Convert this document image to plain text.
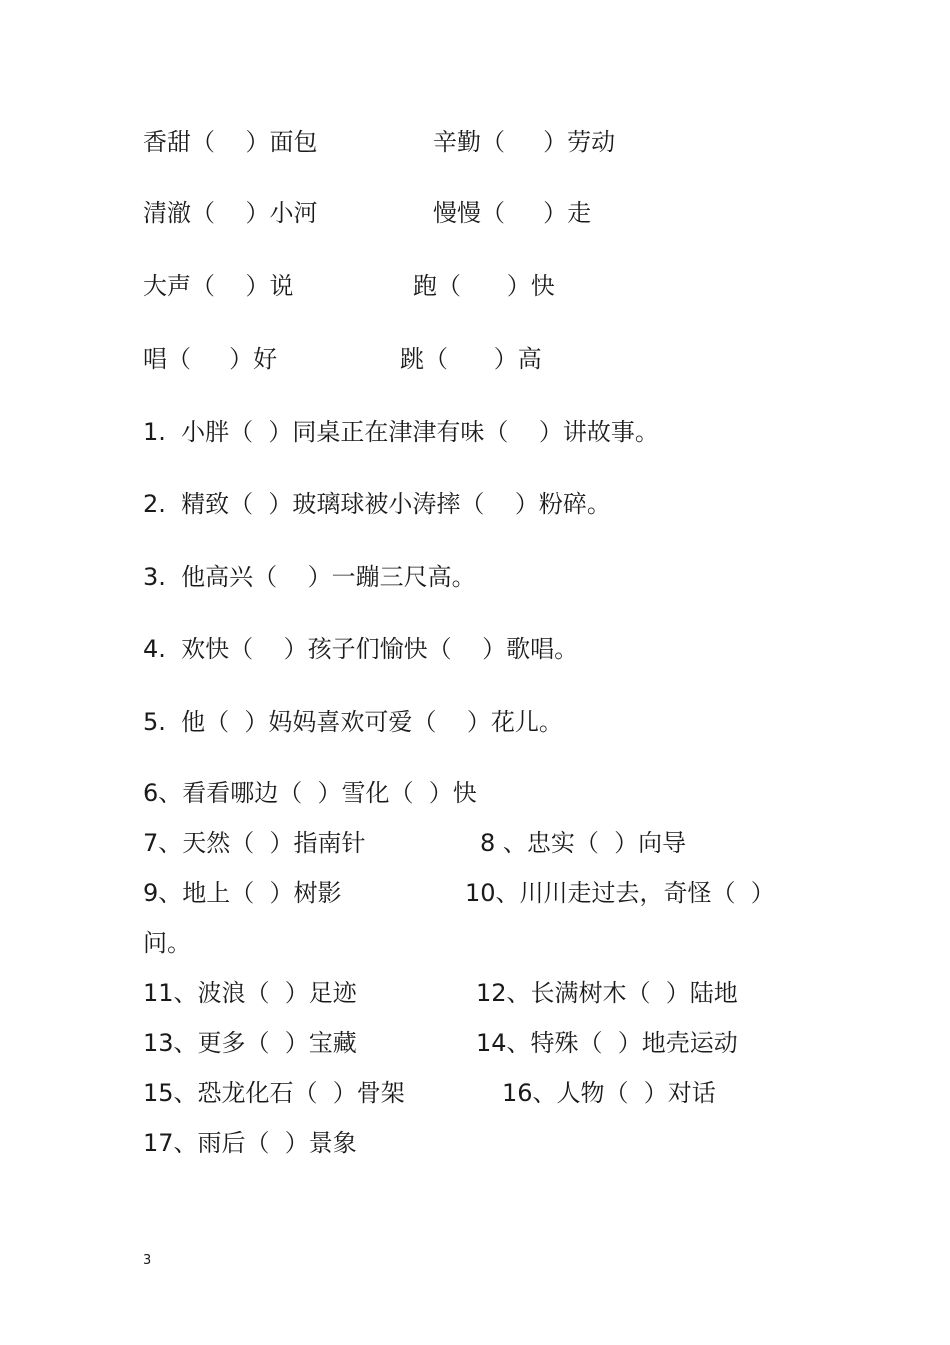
香甜（    ）面包	辛勤（     ）劳动
清澈（    ）小河	慢慢（     ）走
大声（    ）说	跑（      ）快
唱（     ）好	跳（      ）高
1.  小胖（  ）同桌正在津津有味（    ）讲故事。
2.  精致（  ）玻璃球被小涛摔（    ）粉碎。
3.  他高兴（    ）一蹦三尺高。
4.  欢快（    ）孩子们愉快（    ）歌唱。
5.  他（  ）妈妈喜欢可爱（    ）花儿。
6、看看哪边（  ）雪化（  ）快
7、天然（  ）指南针	8 、忠实（  ）向导
9、地上（  ）树影	10、川川走过去，奇怪（  ）
问。
11、波浪（  ）足迹	12、长满树木（  ）陆地
13、更多（  ）宝藏	14、特殊（  ）地壳运动
15、恐龙化石（  ）骨架	16、人物（  ）对话
17、雨后（  ）景象
3
